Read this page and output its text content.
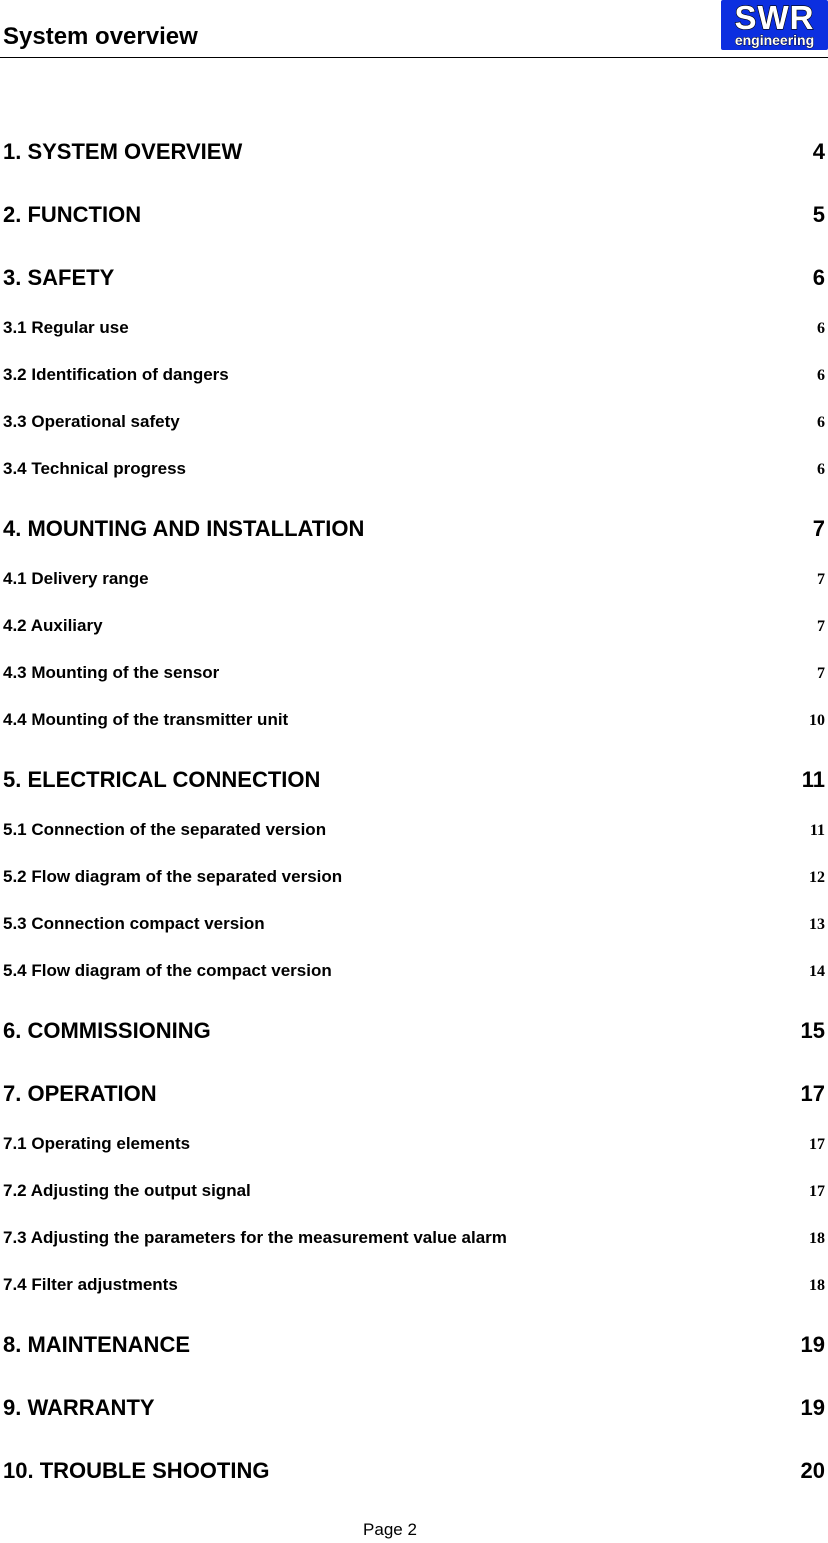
System overview
SWR
engineering
1. SYSTEM OVERVIEW	4
2. FUNCTION	5
3. SAFETY	6
3.1 Regular use	6
3.2 Identification of dangers	6
3.3 Operational safety	6
3.4 Technical progress	6
4. MOUNTING AND INSTALLATION	7
4.1 Delivery range	7
4.2 Auxiliary	7
4.3 Mounting of the sensor	7
4.4 Mounting of the transmitter unit	10
5. ELECTRICAL CONNECTION	11
5.1 Connection of the separated version	11
5.2 Flow diagram of the separated version	12
5.3 Connection compact version	13
5.4 Flow diagram of the compact version	14
6. COMMISSIONING	15
7. OPERATION	17
7.1 Operating elements	17
7.2 Adjusting the output signal	17
7.3 Adjusting the parameters for the measurement value alarm	18
7.4 Filter adjustments	18
8. MAINTENANCE	19
9. WARRANTY	19
10. TROUBLE SHOOTING	20
Page 2
